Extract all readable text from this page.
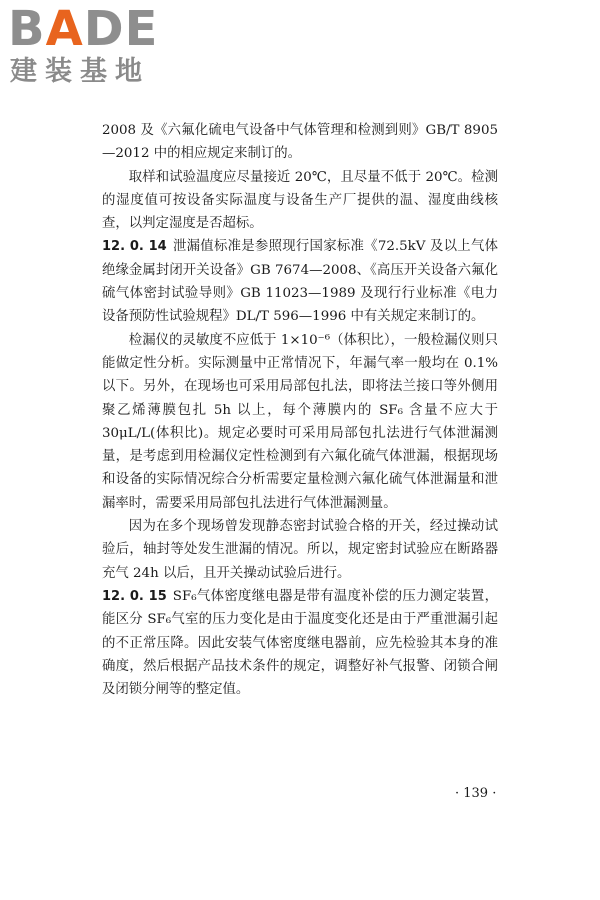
BADE
建装基地

2008 及《六氟化硫电气设备中气体管理和检测到则》GB/T 8905—2012 中的相应规定来制订的。

取样和试验温度应尽量接近 20℃，且尽量不低于 20℃。检测的湿度值可按设备实际温度与设备生产厂提供的温、湿度曲线核查，以判定湿度是否超标。

12. 0. 14 泄漏值标准是参照现行国家标准《72.5kV 及以上气体绝缘金属封闭开关设备》GB 7674—2008、《高压开关设备六氟化硫气体密封试验导则》GB 11023—1989 及现行行业标准《电力设备预防性试验规程》DL/T 596—1996 中有关规定来制订的。

检漏仪的灵敏度不应低于 1×10⁻⁶（体积比），一般检漏仪则只能做定性分析。实际测量中正常情况下，年漏气率一般均在 0.1%以下。另外，在现场也可采用局部包扎法，即将法兰接口等外侧用聚乙烯薄膜包扎 5h 以上，每个薄膜内的 SF₆ 含量不应大于 30μL/L(体积比)。规定必要时可采用局部包扎法进行气体泄漏测量，是考虑到用检漏仪定性检测到有六氟化硫气体泄漏，根据现场和设备的实际情况综合分析需要定量检测六氟化硫气体泄漏量和泄漏率时，需要采用局部包扎法进行气体泄漏测量。

因为在多个现场曾发现静态密封试验合格的开关，经过操动试验后，轴封等处发生泄漏的情况。所以，规定密封试验应在断路器充气 24h 以后，且开关操动试验后进行。

12. 0. 15 SF₆气体密度继电器是带有温度补偿的压力测定装置，能区分 SF₆气室的压力变化是由于温度变化还是由于严重泄漏引起的不正常压降。因此安装气体密度继电器前，应先检验其本身的准确度，然后根据产品技术条件的规定，调整好补气报警、闭锁合闸及闭锁分闸等的整定值。

· 139 ·
